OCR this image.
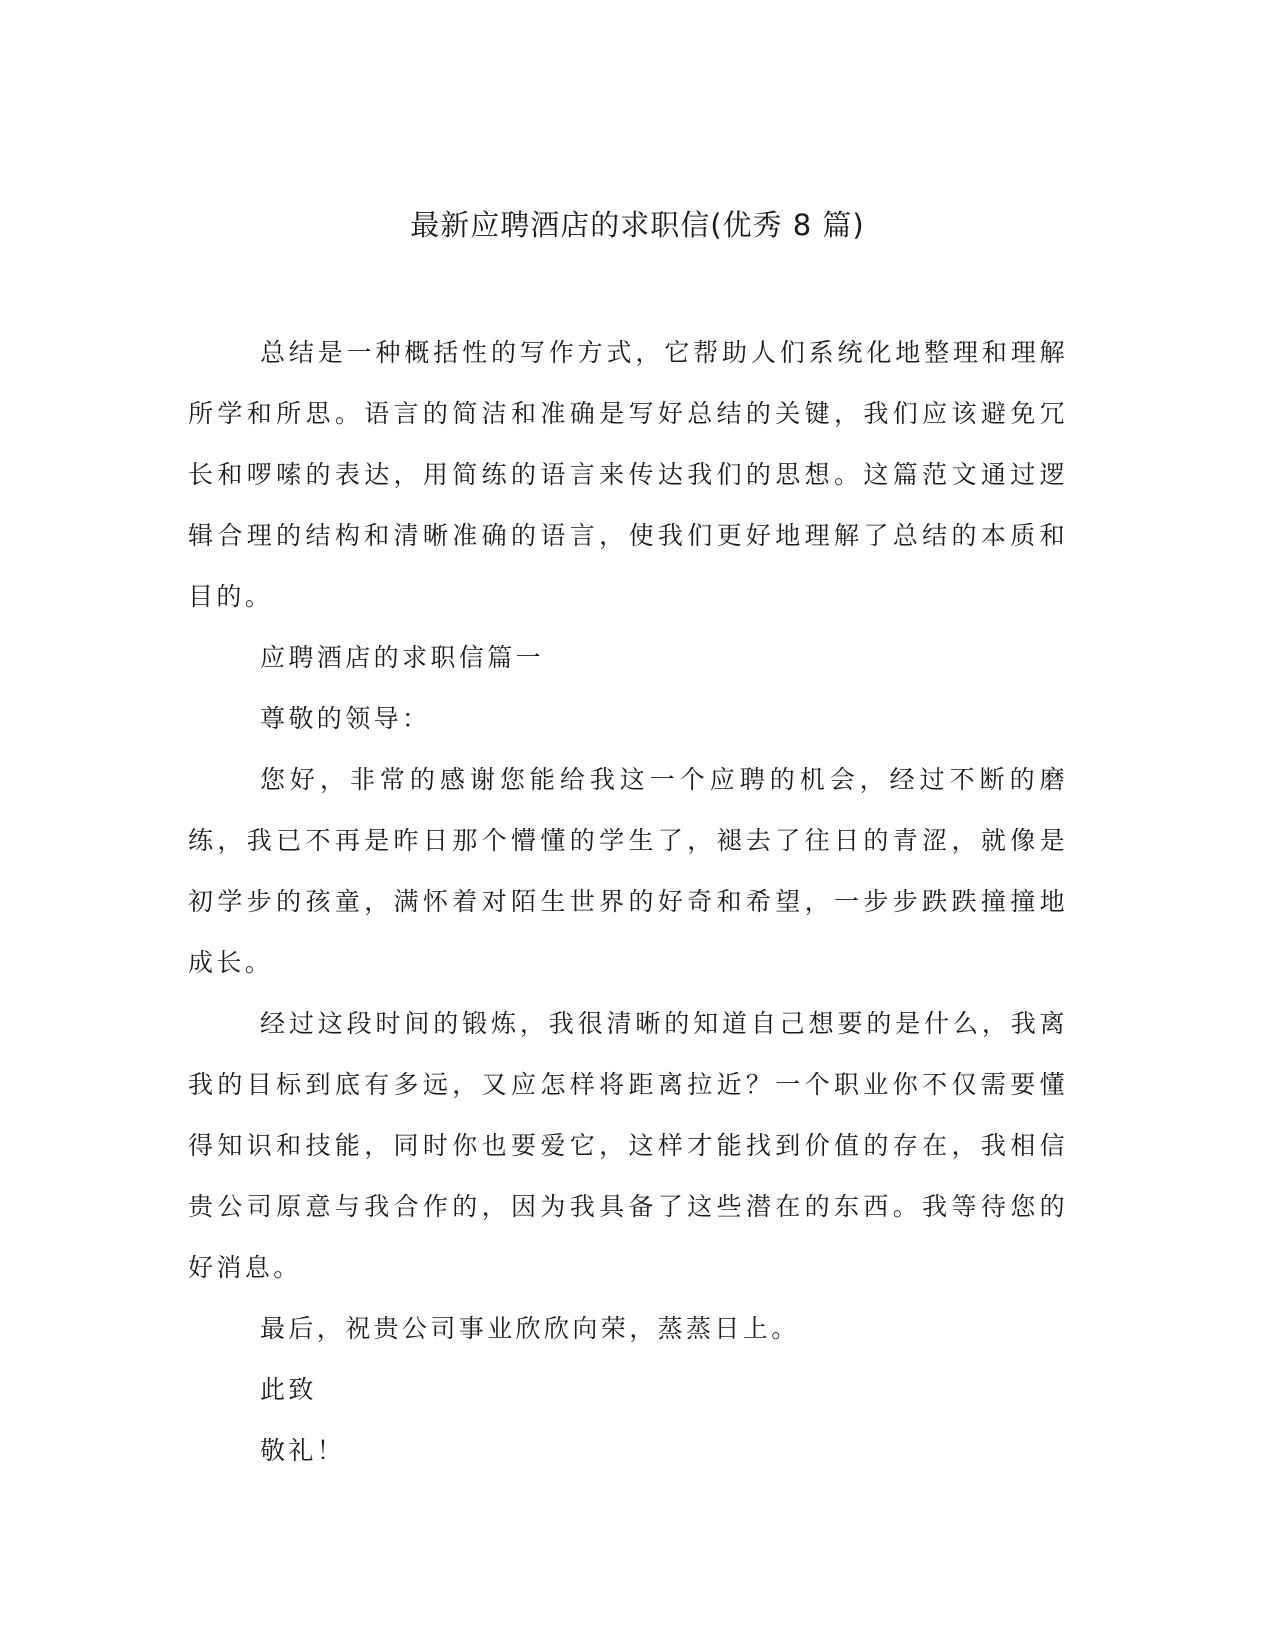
最新应聘酒店的求职信(优秀 8 篇)

总结是一种概括性的写作方式，它帮助人们系统化地整理和理解所学和所思。语言的简洁和准确是写好总结的关键，我们应该避免冗长和啰嗦的表达，用简练的语言来传达我们的思想。这篇范文通过逻辑合理的结构和清晰准确的语言，使我们更好地理解了总结的本质和目的。

应聘酒店的求职信篇一

尊敬的领导：

您好，非常的感谢您能给我这一个应聘的机会，经过不断的磨练，我已不再是昨日那个懵懂的学生了，褪去了往日的青涩，就像是初学步的孩童，满怀着对陌生世界的好奇和希望，一步步跌跌撞撞地成长。

经过这段时间的锻炼，我很清晰的知道自己想要的是什么，我离我的目标到底有多远，又应怎样将距离拉近？一个职业你不仅需要懂得知识和技能，同时你也要爱它，这样才能找到价值的存在，我相信贵公司原意与我合作的，因为我具备了这些潜在的东西。我等待您的好消息。

最后，祝贵公司事业欣欣向荣，蒸蒸日上。

此致

敬礼！
